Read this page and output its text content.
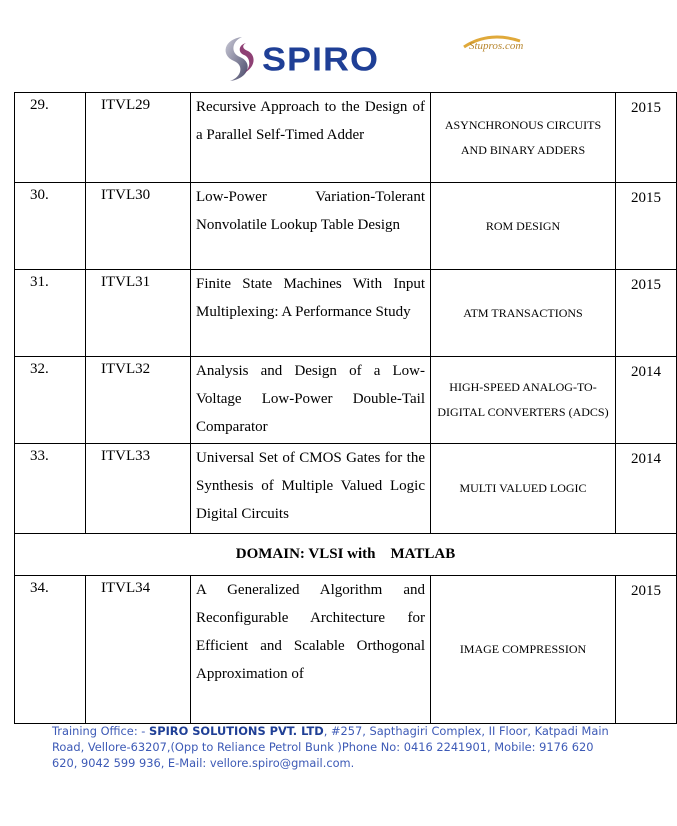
SPIRO	Stupros.com
29.	ITVL29	Recursive Approach to the Design of a Parallel Self-Timed Adder	ASYNCHRONOUS CIRCUITS AND BINARY ADDERS	2015
30.	ITVL30	Low-Power Variation-Tolerant Nonvolatile Lookup Table Design	ROM DESIGN	2015
31.	ITVL31	Finite State Machines With Input Multiplexing: A Performance Study	ATM TRANSACTIONS	2015
32.	ITVL32	Analysis and Design of a Low-Voltage Low-Power Double-Tail Comparator	HIGH-SPEED ANALOG-TO-DIGITAL CONVERTERS (ADCS)	2014
33.	ITVL33	Universal Set of CMOS Gates for the Synthesis of Multiple Valued Logic Digital Circuits	MULTI VALUED LOGIC	2014
DOMAIN: VLSI with    MATLAB				
34.	ITVL34	A Generalized Algorithm and Reconfigurable Architecture for Efficient and Scalable Orthogonal Approximation of	IMAGE COMPRESSION	2015
Training Office: - SPIRO SOLUTIONS PVT. LTD, #257, Sapthagiri Complex, II Floor, Katpadi Main Road, Vellore-63207,(Opp to Reliance Petrol Bunk )Phone No: 0416 2241901, Mobile: 9176 620 620, 9042 599 936, E-Mail: vellore.spiro@gmail.com.
